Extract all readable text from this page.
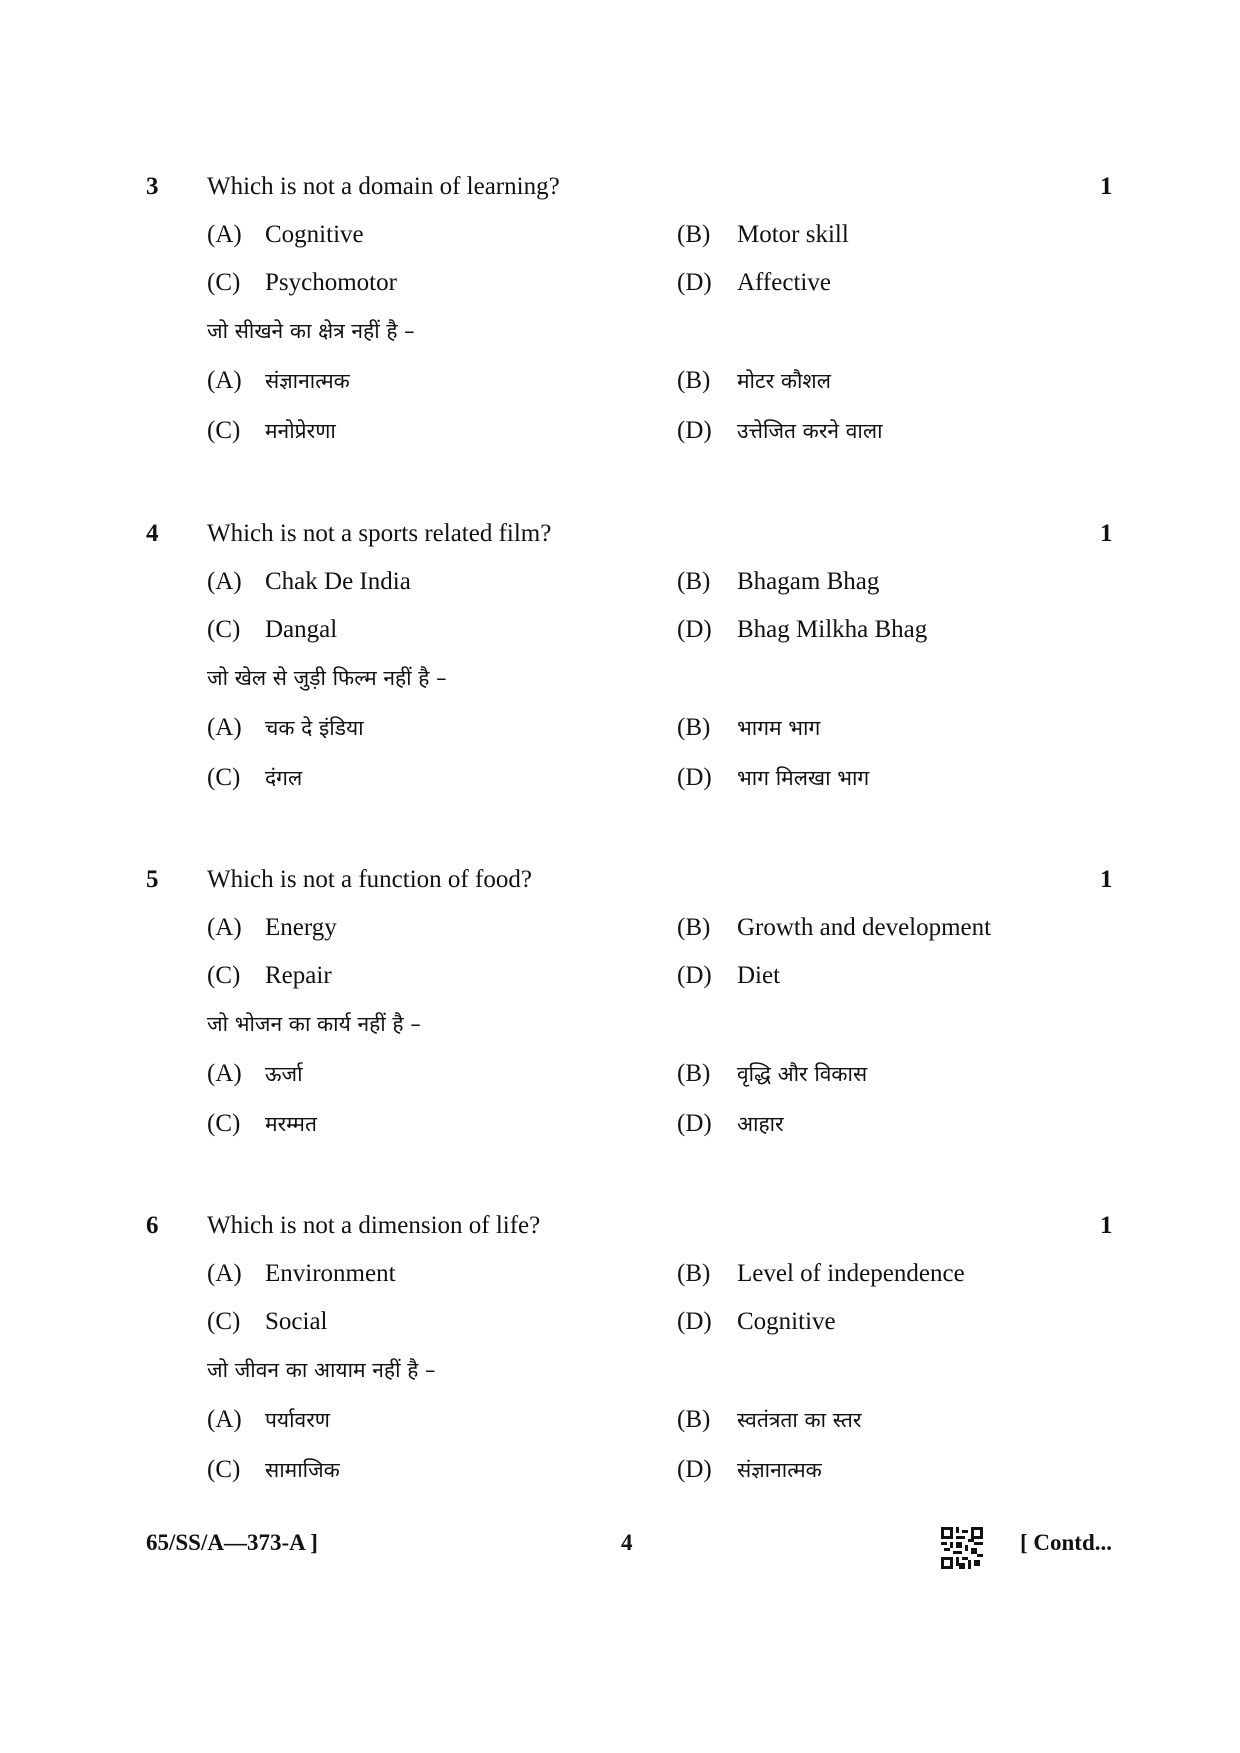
3 Which is not a domain of learning?	1
(A) Cognitive	(B) Motor skill
(C) Psychomotor	(D) Affective
जो सीखने का क्षेत्र नहीं है –
(A) संज्ञानात्मक	(B) मोटर कौशल
(C) मनोप्रेरणा	(D) उत्तेजित करने वाला
4 Which is not a sports related film?	1
(A) Chak De India	(B) Bhagam Bhag
(C) Dangal	(D) Bhag Milkha Bhag
जो खेल से जुड़ी फिल्म नहीं है –
(A) चक दे इंडिया	(B) भागम भाग
(C) दंगल	(D) भाग मिलखा भाग
5 Which is not a function of food?	1
(A) Energy	(B) Growth and development
(C) Repair	(D) Diet
जो भोजन का कार्य नहीं है –
(A) ऊर्जा	(B) वृद्धि और विकास
(C) मरम्मत	(D) आहार
6 Which is not a dimension of life?	1
(A) Environment	(B) Level of independence
(C) Social	(D) Cognitive
जो जीवन का आयाम नहीं है –
(A) पर्यावरण	(B) स्वतंत्रता का स्तर
(C) सामाजिक	(D) संज्ञानात्मक
65/SS/A—373-A ]	4	[ Contd...
